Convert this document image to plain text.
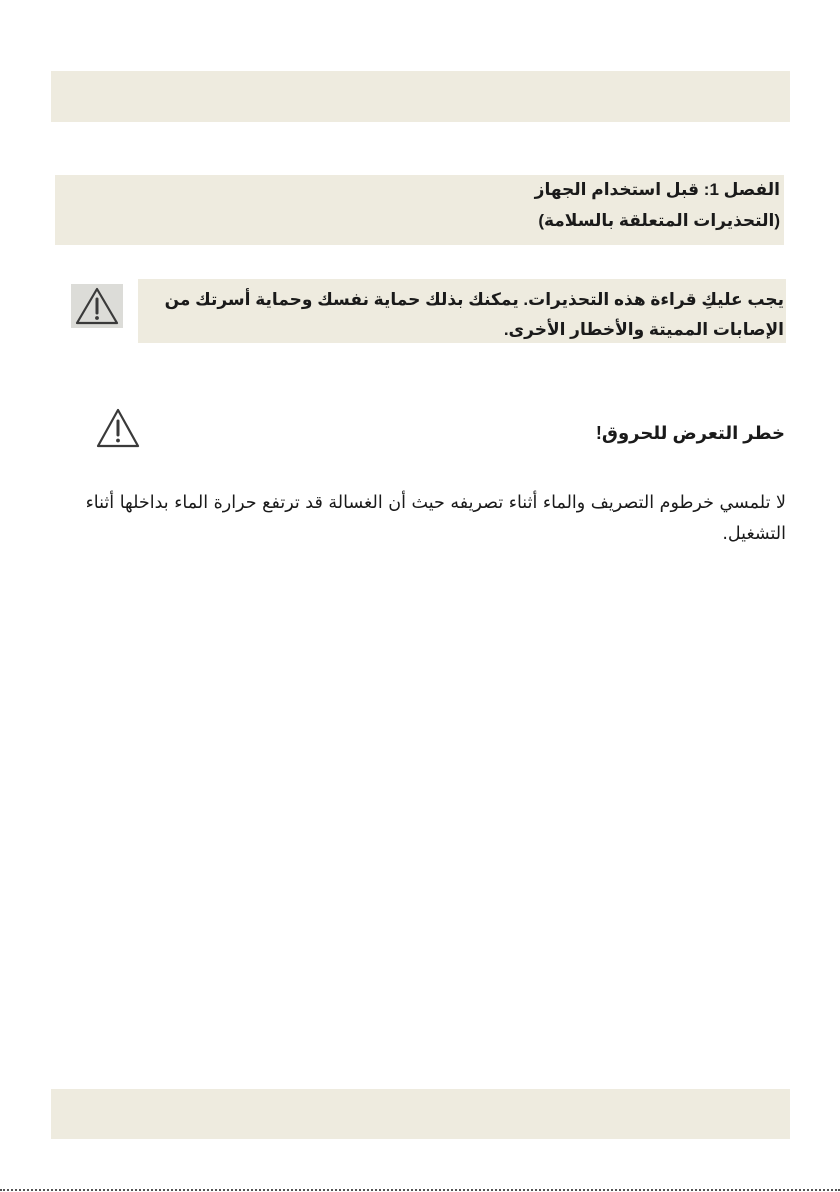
الفصل 1: قبل استخدام الجهاز
(التحذيرات المتعلقة بالسلامة)
يجب عليكِ قراءة هذه التحذيرات. يمكنك بذلك حماية نفسك وحماية أسرتك من الإصابات المميتة والأخطار الأخرى.
خطر التعرض للحروق!
لا تلمسي خرطوم التصريف والماء أثناء تصريفه حيث أن الغسالة قد ترتفع حرارة الماء بداخلها أثناء التشغيل.
